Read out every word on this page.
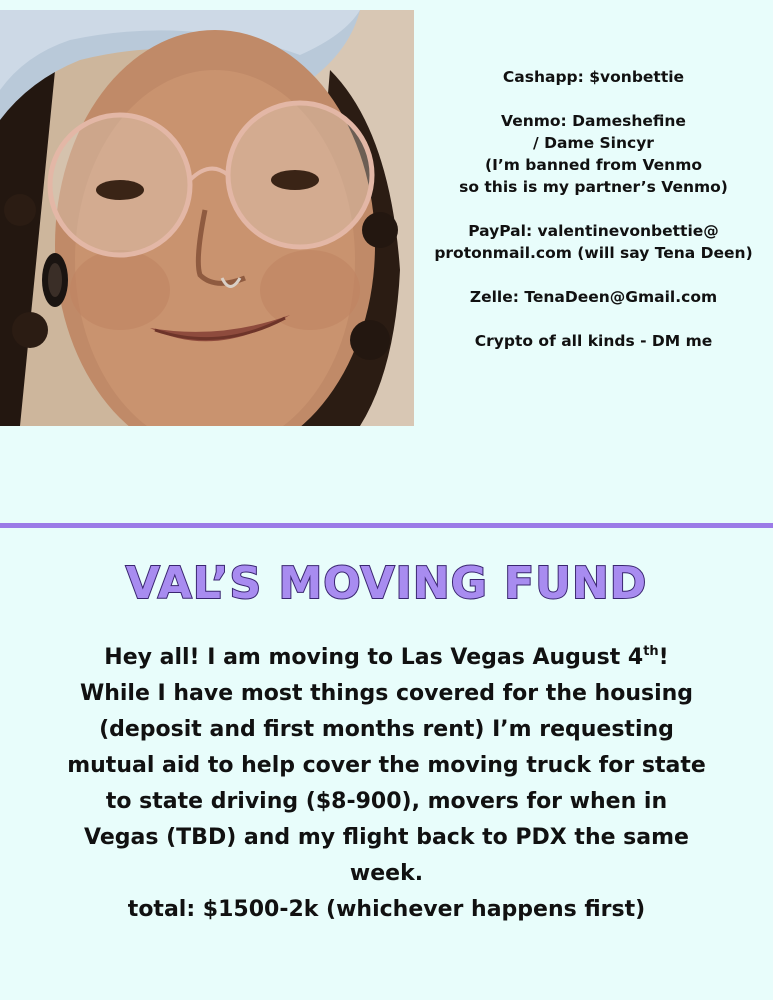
Cashapp: $vonbettie
Venmo: Dameshefine
/ Dame Sincyr
(I’m banned from Venmo
so this is my partner’s Venmo)
PayPal: valentinevonbettie@
protonmail.com (will say Tena Deen)
Zelle: TenaDeen@Gmail.com
Crypto of all kinds - DM me
VAL’S MOVING FUND
Hey all! I am moving to Las Vegas August 4th!
While I have most things covered for the housing
(deposit and first months rent) I’m requesting
mutual aid to help cover the moving truck for state
to state driving ($8-900), movers for when in
Vegas (TBD) and my flight back to PDX the same
week.
total: $1500-2k (whichever happens first)
